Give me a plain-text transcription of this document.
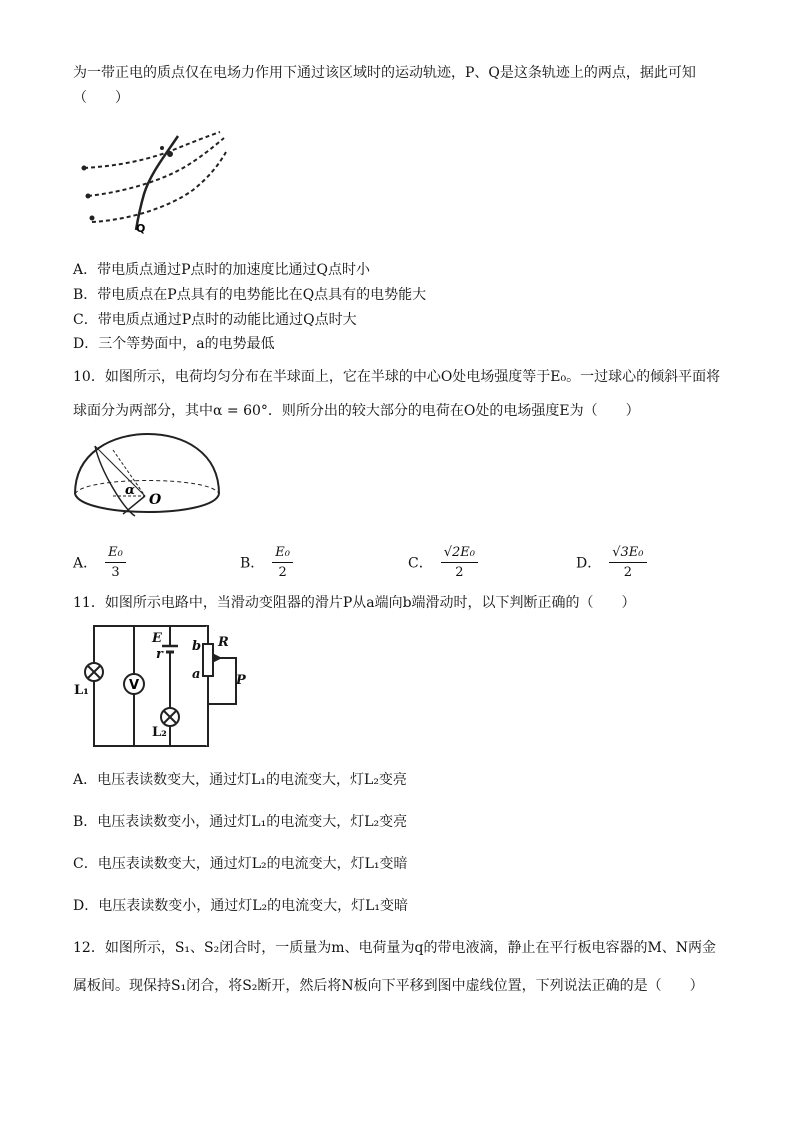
为一带正电的质点仅在电场力作用下通过该区域时的运动轨迹，P、Q是这条轨迹上的两点，据此可知
（　　）
Q
A．带电质点通过P点时的加速度比通过Q点时小
B．带电质点在P点具有的电势能比在Q点具有的电势能大
C．带电质点通过P点时的动能比通过Q点时大
D．三个等势面中，a的电势最低
10．如图所示，电荷均匀分布在半球面上，它在半球的中心O处电场强度等于E₀。一过球心的倾斜平面将
球面分为两部分，其中α = 60°．则所分出的较大部分的电荷在O处的电场强度E为（　　）
α
O
A． $\frac{\text{E₀}}{3}$	B． $\frac{\text{E₀}}{2}$	C． $\frac{\text{√2E₀}}{2}$	D． $\frac{\text{√3E₀}}{2}$
11．如图所示电路中，当滑动变阻器的滑片P从a端向b端滑动时，以下判断正确的（　　）
V
L₁
E
r
b R
a	P
L₂
A．电压表读数变大，通过灯L₁的电流变大，灯L₂变亮
B．电压表读数变小，通过灯L₁的电流变大，灯L₂变亮
C．电压表读数变大，通过灯L₂的电流变大，灯L₁变暗
D．电压表读数变小，通过灯L₂的电流变大，灯L₁变暗
12．如图所示，S₁、S₂闭合时，一质量为m、电荷量为q的带电液滴，静止在平行板电容器的M、N两金
属板间。现保持S₁闭合，将S₂断开，然后将N板向下平移到图中虚线位置，下列说法正确的是（　　）
